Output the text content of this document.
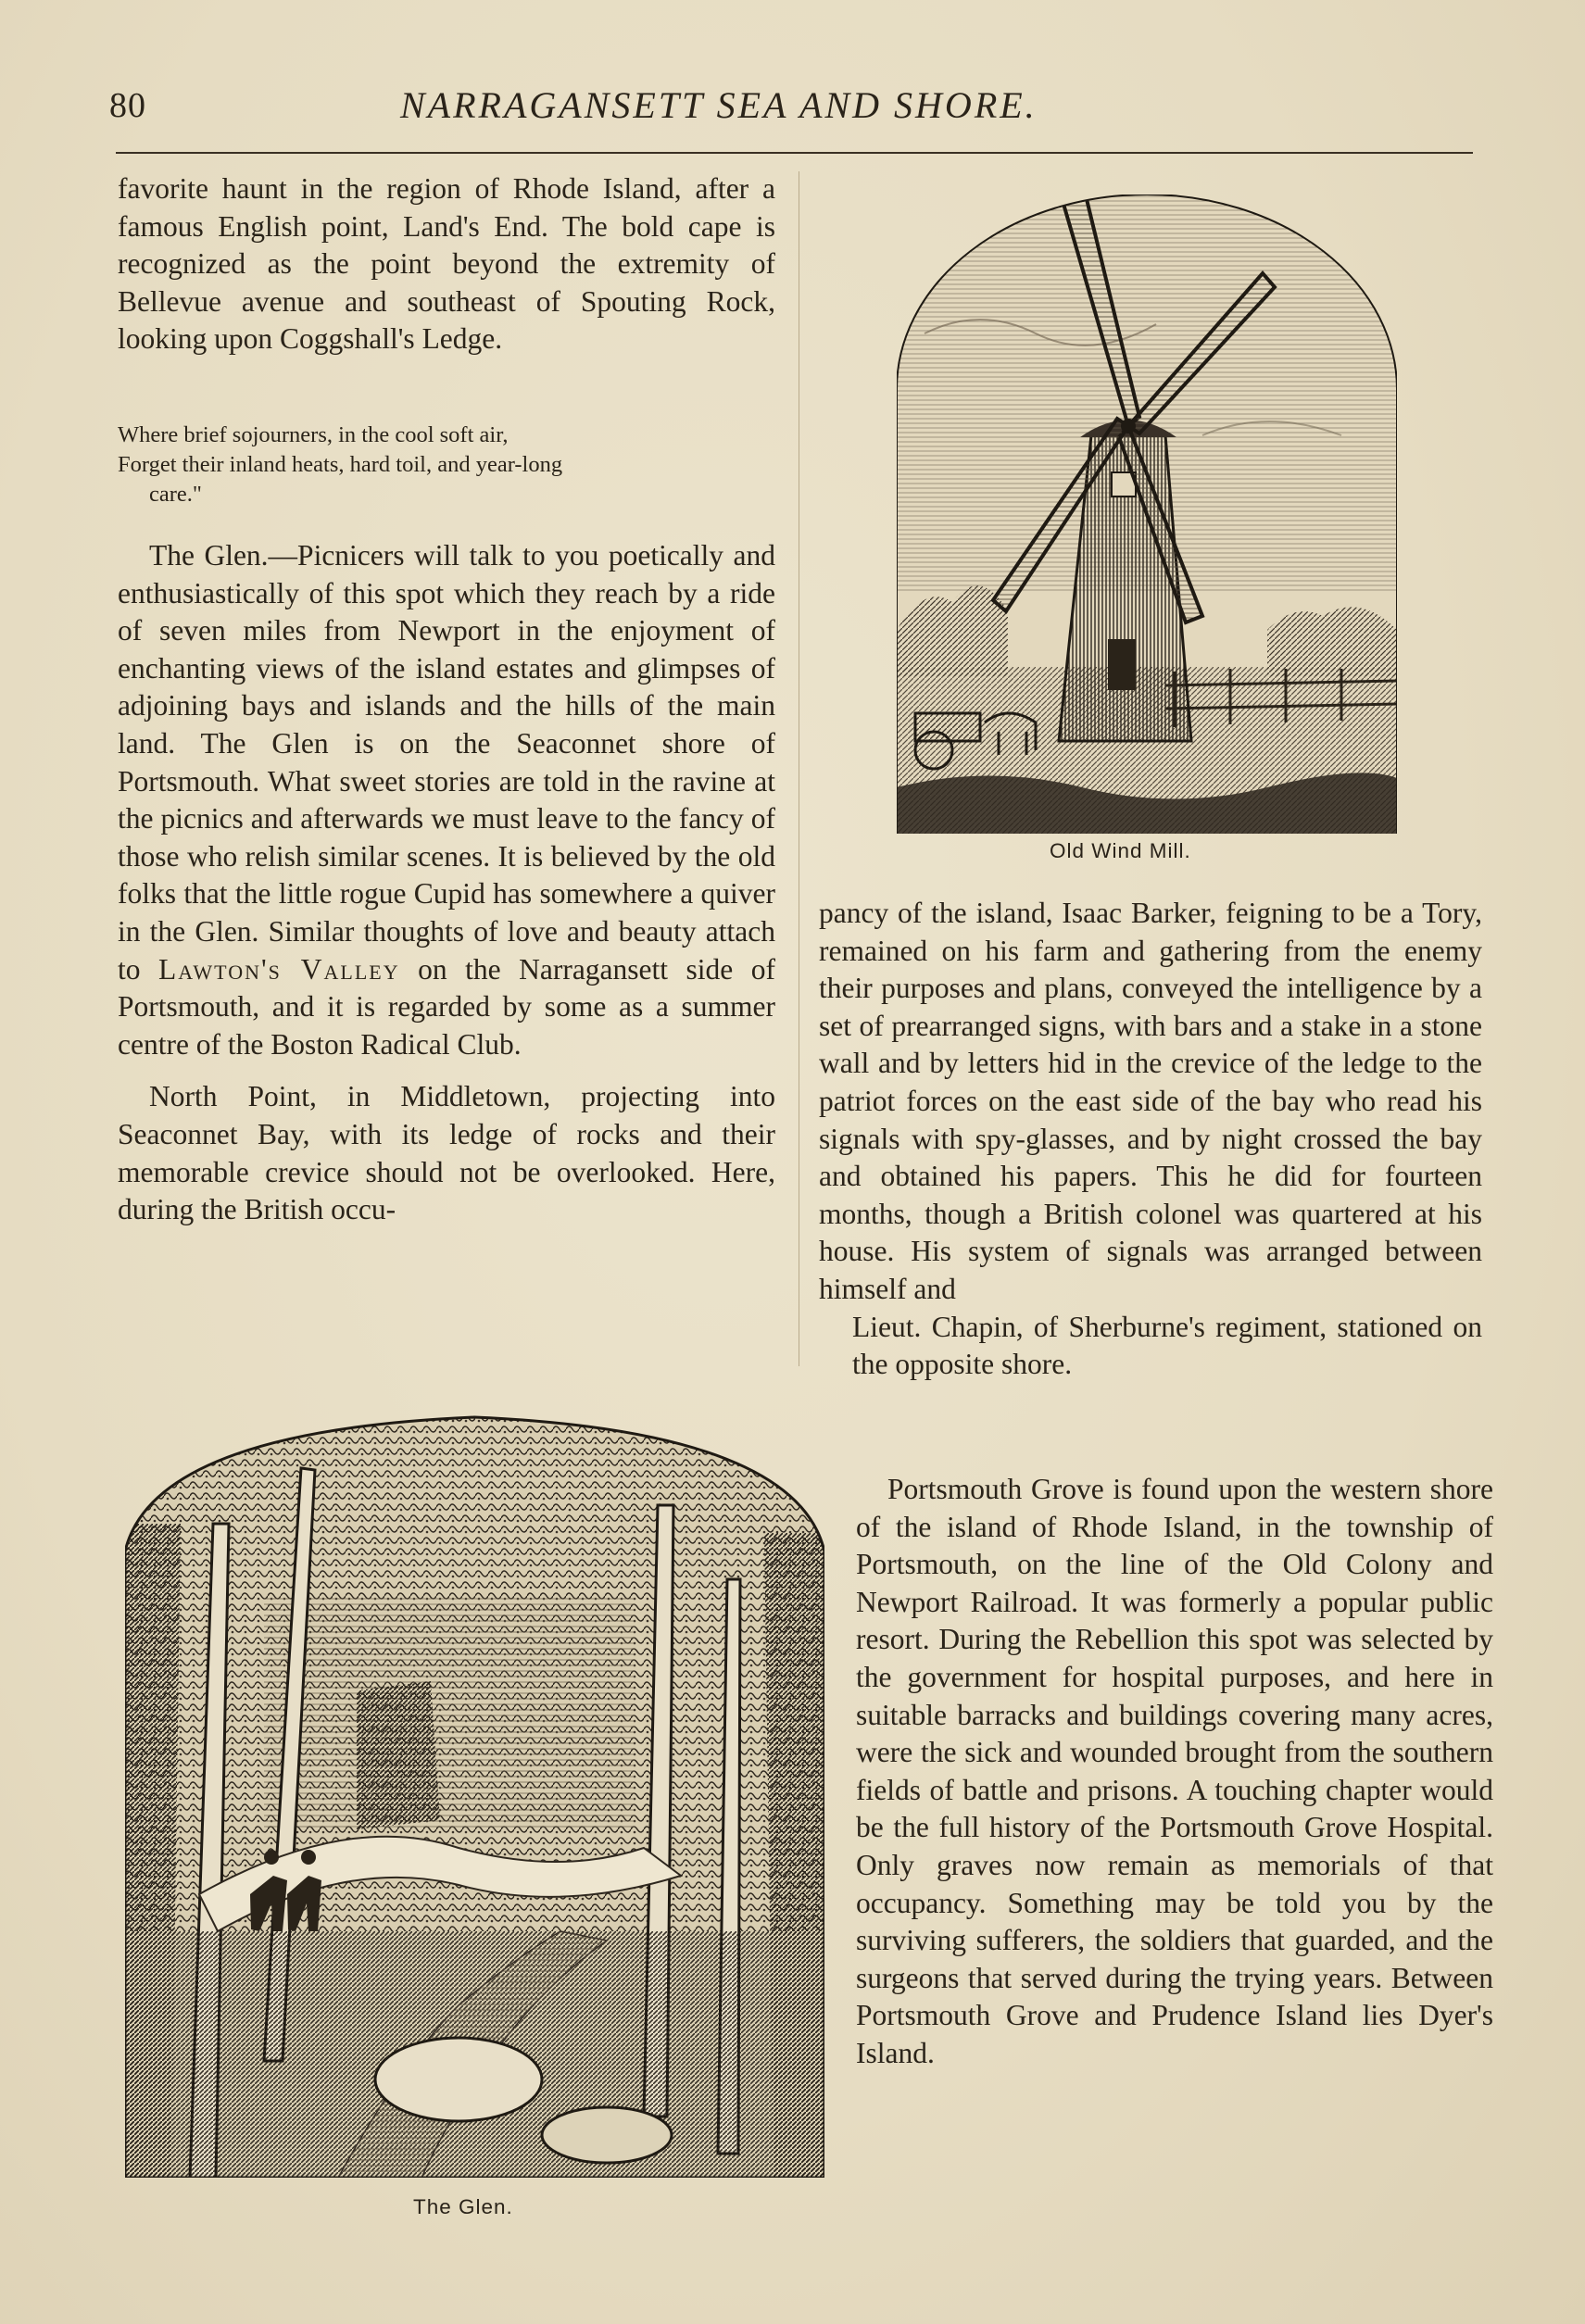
80	NARRAGANSETT SEA AND SHORE.

favorite haunt in the region of Rhode Island, after a famous English point, Land's End. The bold cape is recognized as the point beyond the extremity of Bellevue avenue and southeast of Spouting Rock, looking upon Coggshall's Ledge.

Where brief sojourners, in the cool soft air,

Forget their inland heats, hard toil, and year-long

care."

The Glen.—Picnicers will talk to you poetically and enthusiastically of this spot which they reach by a ride of seven miles from Newport in the enjoyment of enchanting views of the island estates and glimpses of adjoining bays and islands and the hills of the main land. The Glen is on the Seaconnet shore of Portsmouth. What sweet stories are told in the ravine at the picnics and afterwards we must leave to the fancy of those who relish similar scenes. It is believed by the old folks that the little rogue Cupid has somewhere a quiver in the Glen. Similar thoughts of love and beauty attach to Lawton's Valley on the Narragansett side of Portsmouth, and it is regarded by some as a summer centre of the Boston Radical Club.

North Point, in Middletown, projecting into Seaconnet Bay, with its ledge of rocks and their memorable crevice should not be overlooked. Here, during the British occu-

Old Wind Mill.

pancy of the island, Isaac Barker, feigning to be a Tory, remained on his farm and gathering from the enemy their purposes and plans, conveyed the intelligence by a set of prearranged signs, with bars and a stake in a stone wall and by letters hid in the crevice of the ledge to the patriot forces on the east side of the bay who read his signals with spy-glasses, and by night crossed the bay and obtained his papers. This he did for fourteen months, though a British colonel was quartered at his house. His system of signals was arranged between himself and

Lieut. Chapin, of Sherburne's regiment, stationed on the opposite shore.

Portsmouth Grove is found upon the western shore of the island of Rhode Island, in the township of Portsmouth, on the line of the Old Colony and Newport Railroad. It was formerly a popular public resort. During the Rebellion this spot was selected by the government for hospital purposes, and here in suitable barracks and buildings covering many acres, were the sick and wounded brought from the southern fields of battle and prisons. A touching chapter would be the full history of the Portsmouth Grove Hospital. Only graves now remain as memorials of that occupancy. Something may be told you by the surviving sufferers, the soldiers that guarded, and the surgeons that served during the trying years. Between Portsmouth Grove and Prudence Island lies Dyer's Island.

The Glen.
